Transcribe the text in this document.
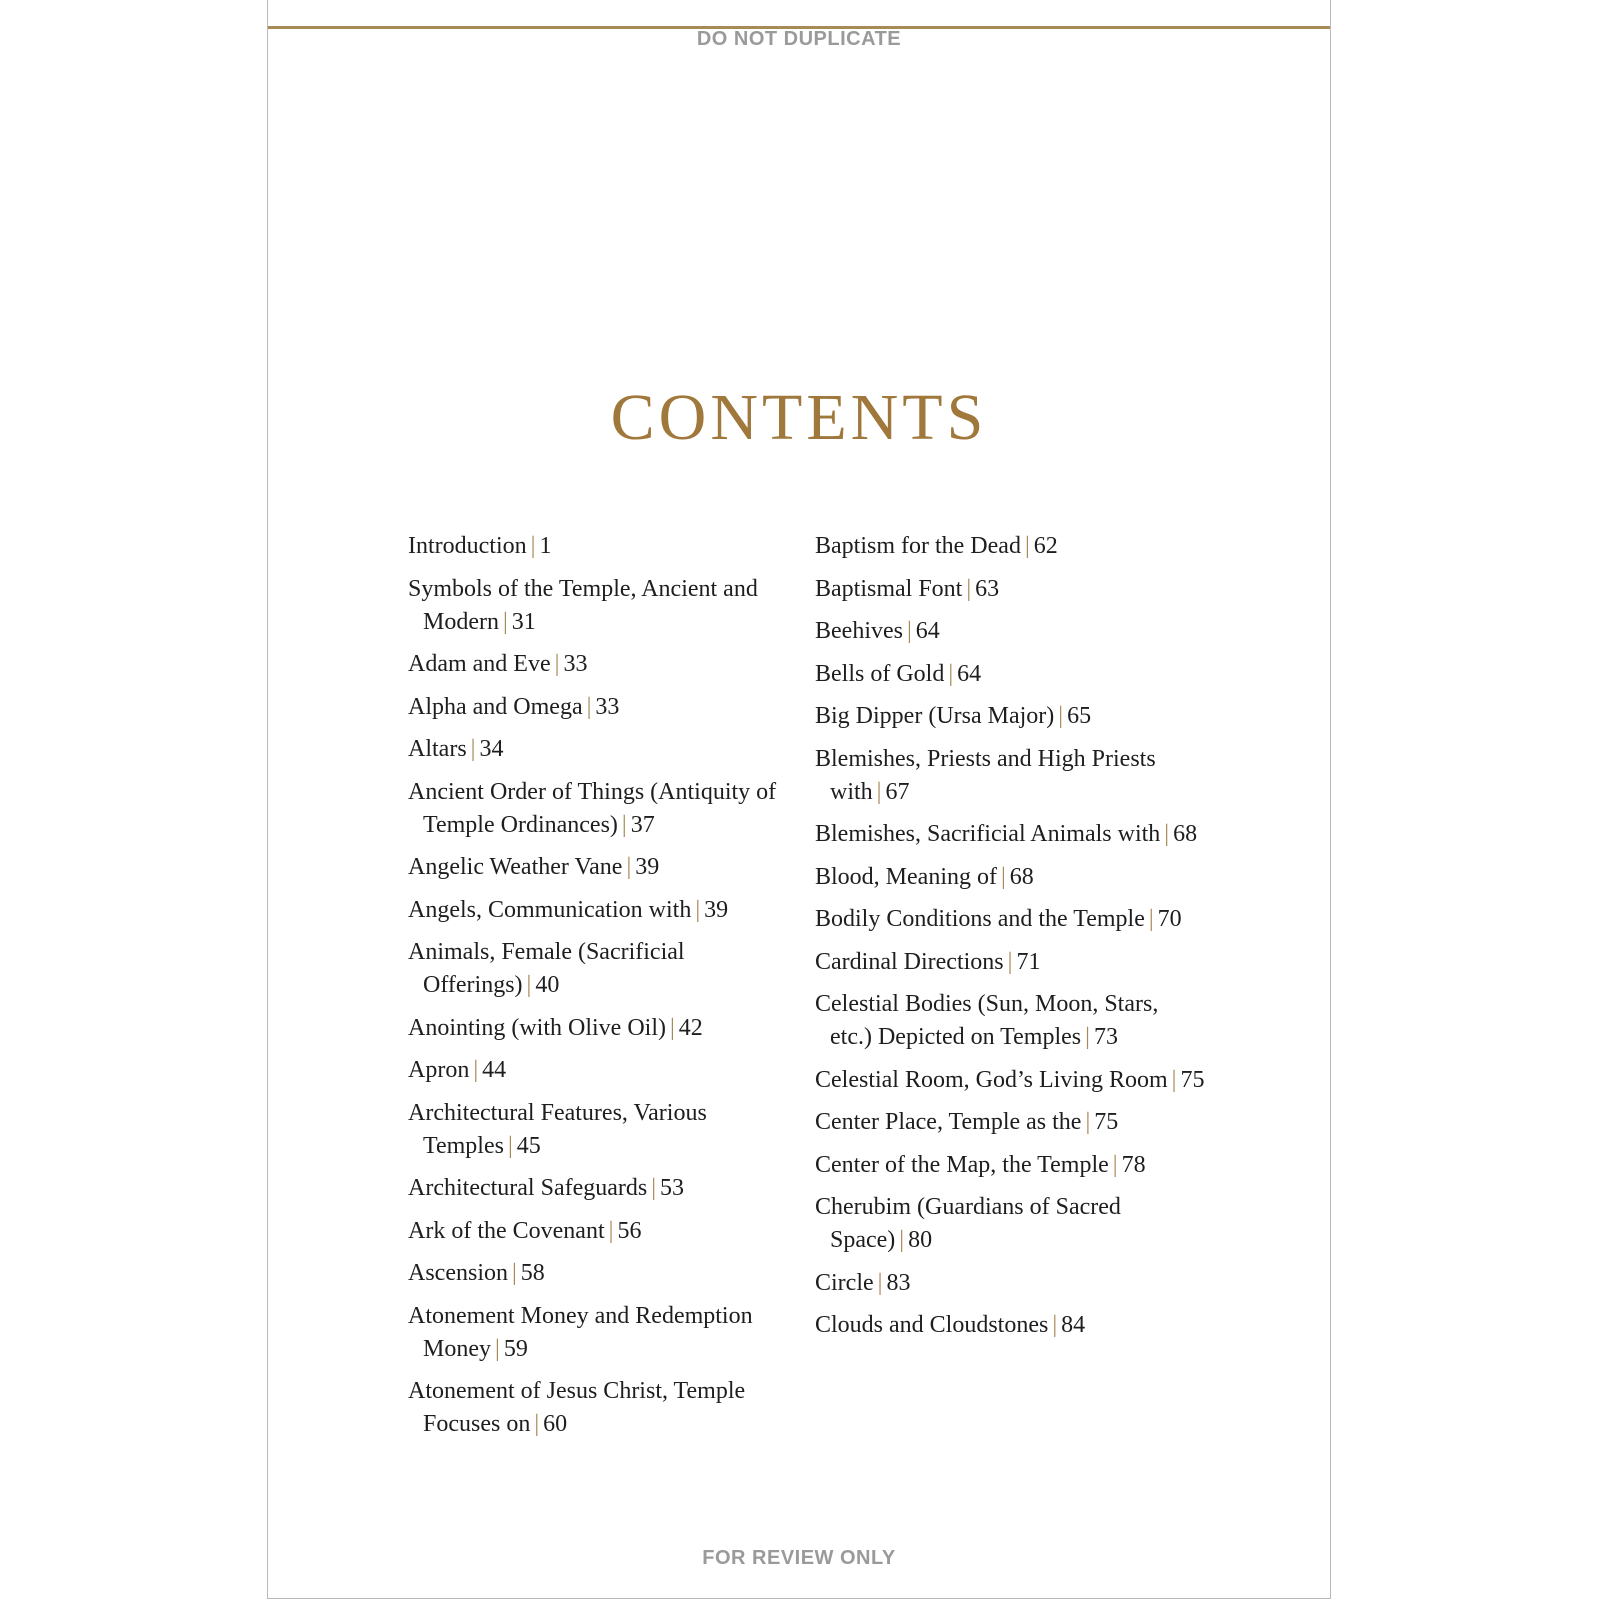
DO NOT DUPLICATE
CONTENTS
Introduction | 1
Symbols of the Temple, Ancient and Modern | 31
Adam and Eve | 33
Alpha and Omega | 33
Altars | 34
Ancient Order of Things (Antiquity of Temple Ordinances) | 37
Angelic Weather Vane | 39
Angels, Communication with | 39
Animals, Female (Sacrificial Offerings) | 40
Anointing (with Olive Oil) | 42
Apron | 44
Architectural Features, Various Temples | 45
Architectural Safeguards | 53
Ark of the Covenant | 56
Ascension | 58
Atonement Money and Redemption Money | 59
Atonement of Jesus Christ, Temple Focuses on | 60
Baptism for the Dead | 62
Baptismal Font | 63
Beehives | 64
Bells of Gold | 64
Big Dipper (Ursa Major) | 65
Blemishes, Priests and High Priests with | 67
Blemishes, Sacrificial Animals with | 68
Blood, Meaning of | 68
Bodily Conditions and the Temple | 70
Cardinal Directions | 71
Celestial Bodies (Sun, Moon, Stars, etc.) Depicted on Temples | 73
Celestial Room, God’s Living Room | 75
Center Place, Temple as the | 75
Center of the Map, the Temple | 78
Cherubim (Guardians of Sacred Space) | 80
Circle | 83
Clouds and Cloudstones | 84
FOR REVIEW ONLY
